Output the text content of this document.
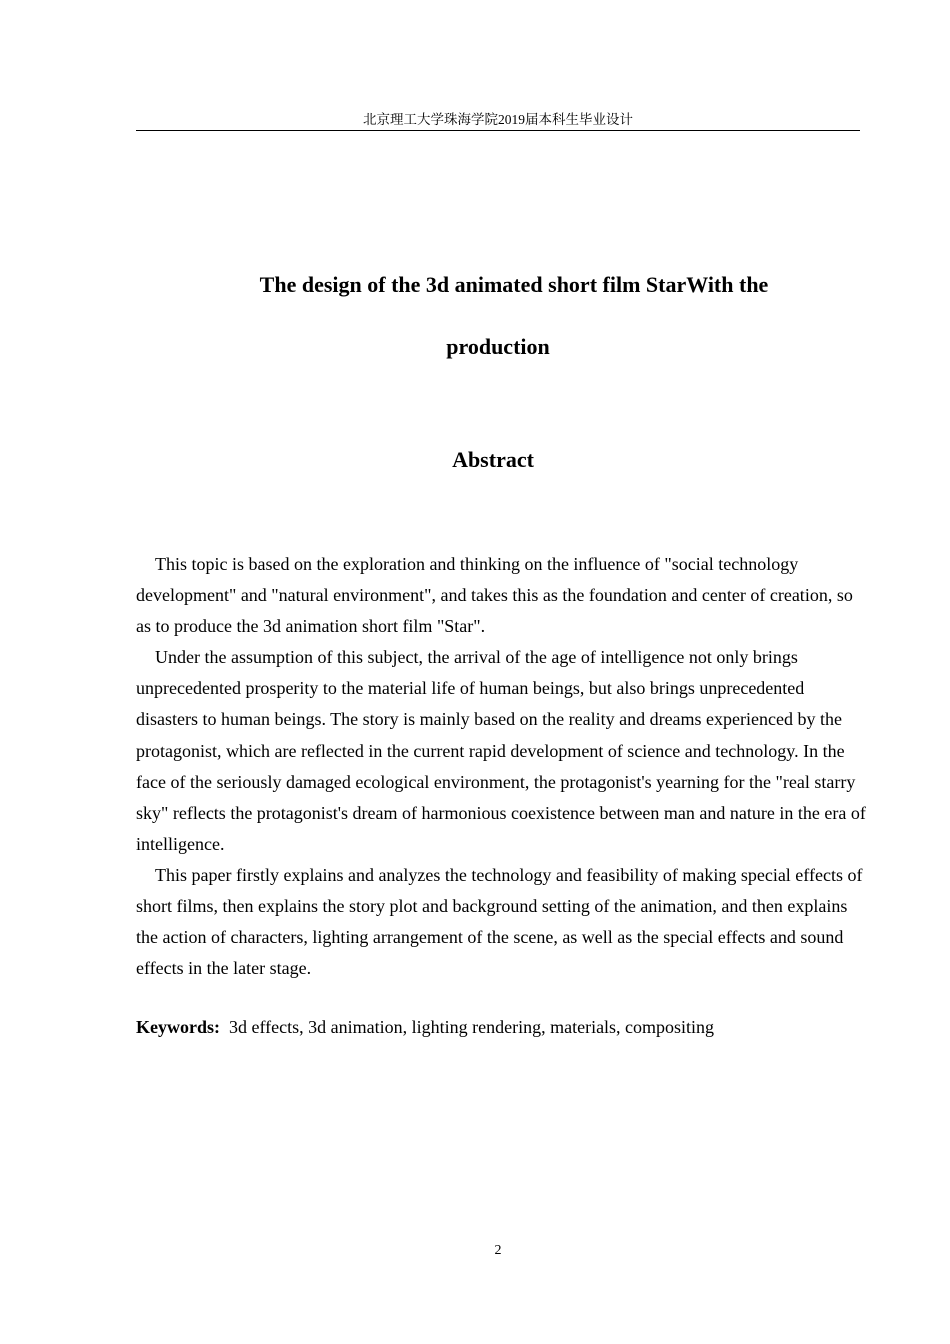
北京理工大学珠海学院2019届本科生毕业设计
The design of the 3d animated short film StarWith the
production
Abstract

This topic is based on the exploration and thinking on the influence of "social technology development" and "natural environment", and takes this as the foundation and center of creation, so as to produce the 3d animation short film "Star".

Under the assumption of this subject, the arrival of the age of intelligence not only brings unprecedented prosperity to the material life of human beings, but also brings unprecedented disasters to human beings. The story is mainly based on the reality and dreams experienced by the protagonist, which are reflected in the current rapid development of science and technology. In the face of the seriously damaged ecological environment, the protagonist's yearning for the "real starry sky" reflects the protagonist's dream of harmonious coexistence between man and nature in the era of intelligence.

This paper firstly explains and analyzes the technology and feasibility of making special effects of short films, then explains the story plot and background setting of the animation, and then explains the action of characters, lighting arrangement of the scene, as well as the special effects and sound effects in the later stage.

Keywords: 3d effects, 3d animation, lighting rendering, materials, compositing
2
